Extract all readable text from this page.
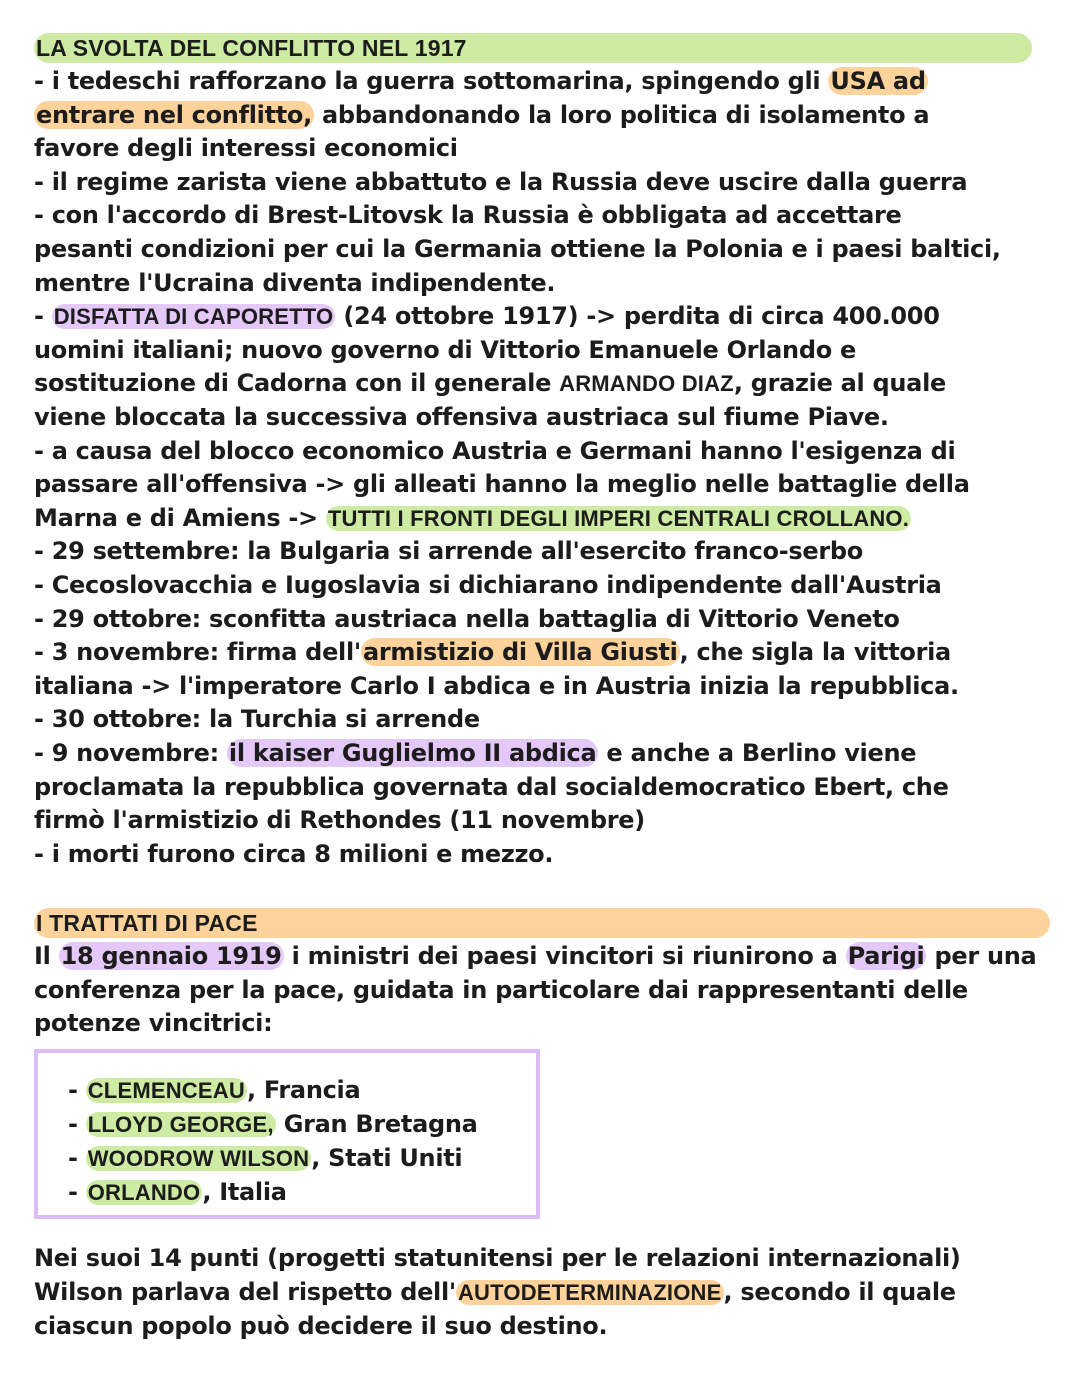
LA SVOLTA DEL CONFLITTO NEL 1917
- i tedeschi rafforzano la guerra sottomarina, spingendo gli USA ad
entrare nel conflitto, abbandonando la loro politica di isolamento a
favore degli interessi economici
- il regime zarista viene abbattuto e la Russia deve uscire dalla guerra
- con l'accordo di Brest-Litovsk la Russia è obbligata ad accettare
pesanti condizioni per cui la Germania ottiene la Polonia e i paesi baltici,
mentre l'Ucraina diventa indipendente.
- DISFATTA DI CAPORETTO (24 ottobre 1917) -> perdita di circa 400.000
uomini italiani; nuovo governo di Vittorio Emanuele Orlando e
sostituzione di Cadorna con il generale ARMANDO DIAZ, grazie al quale
viene bloccata la successiva offensiva austriaca sul fiume Piave.
- a causa del blocco economico Austria e Germani hanno l'esigenza di
passare all'offensiva -> gli alleati hanno la meglio nelle battaglie della
Marna e di Amiens -> TUTTI I FRONTI DEGLI IMPERI CENTRALI CROLLANO.
- 29 settembre: la Bulgaria si arrende all'esercito franco-serbo
- Cecoslovacchia e Iugoslavia si dichiarano indipendente dall'Austria
- 29 ottobre: sconfitta austriaca nella battaglia di Vittorio Veneto
- 3 novembre: firma dell'armistizio di Villa Giusti, che sigla la vittoria
italiana -> l'imperatore Carlo I abdica e in Austria inizia la repubblica.
- 30 ottobre: la Turchia si arrende
- 9 novembre: il kaiser Guglielmo II abdica e anche a Berlino viene
proclamata la repubblica governata dal socialdemocratico Ebert, che
firmò l'armistizio di Rethondes (11 novembre)
- i morti furono circa 8 milioni e mezzo.
I TRATTATI DI PACE
Il 18 gennaio 1919 i ministri dei paesi vincitori si riunirono a Parigi per una
conferenza per la pace, guidata in particolare dai rappresentanti delle
potenze vincitrici:
- CLEMENCEAU, Francia
- LLOYD GEORGE, Gran Bretagna
- WOODROW WILSON, Stati Uniti
- ORLANDO, Italia
Nei suoi 14 punti (progetti statunitensi per le relazioni internazionali)
Wilson parlava del rispetto dell'AUTODETERMINAZIONE, secondo il quale
ciascun popolo può decidere il suo destino.
